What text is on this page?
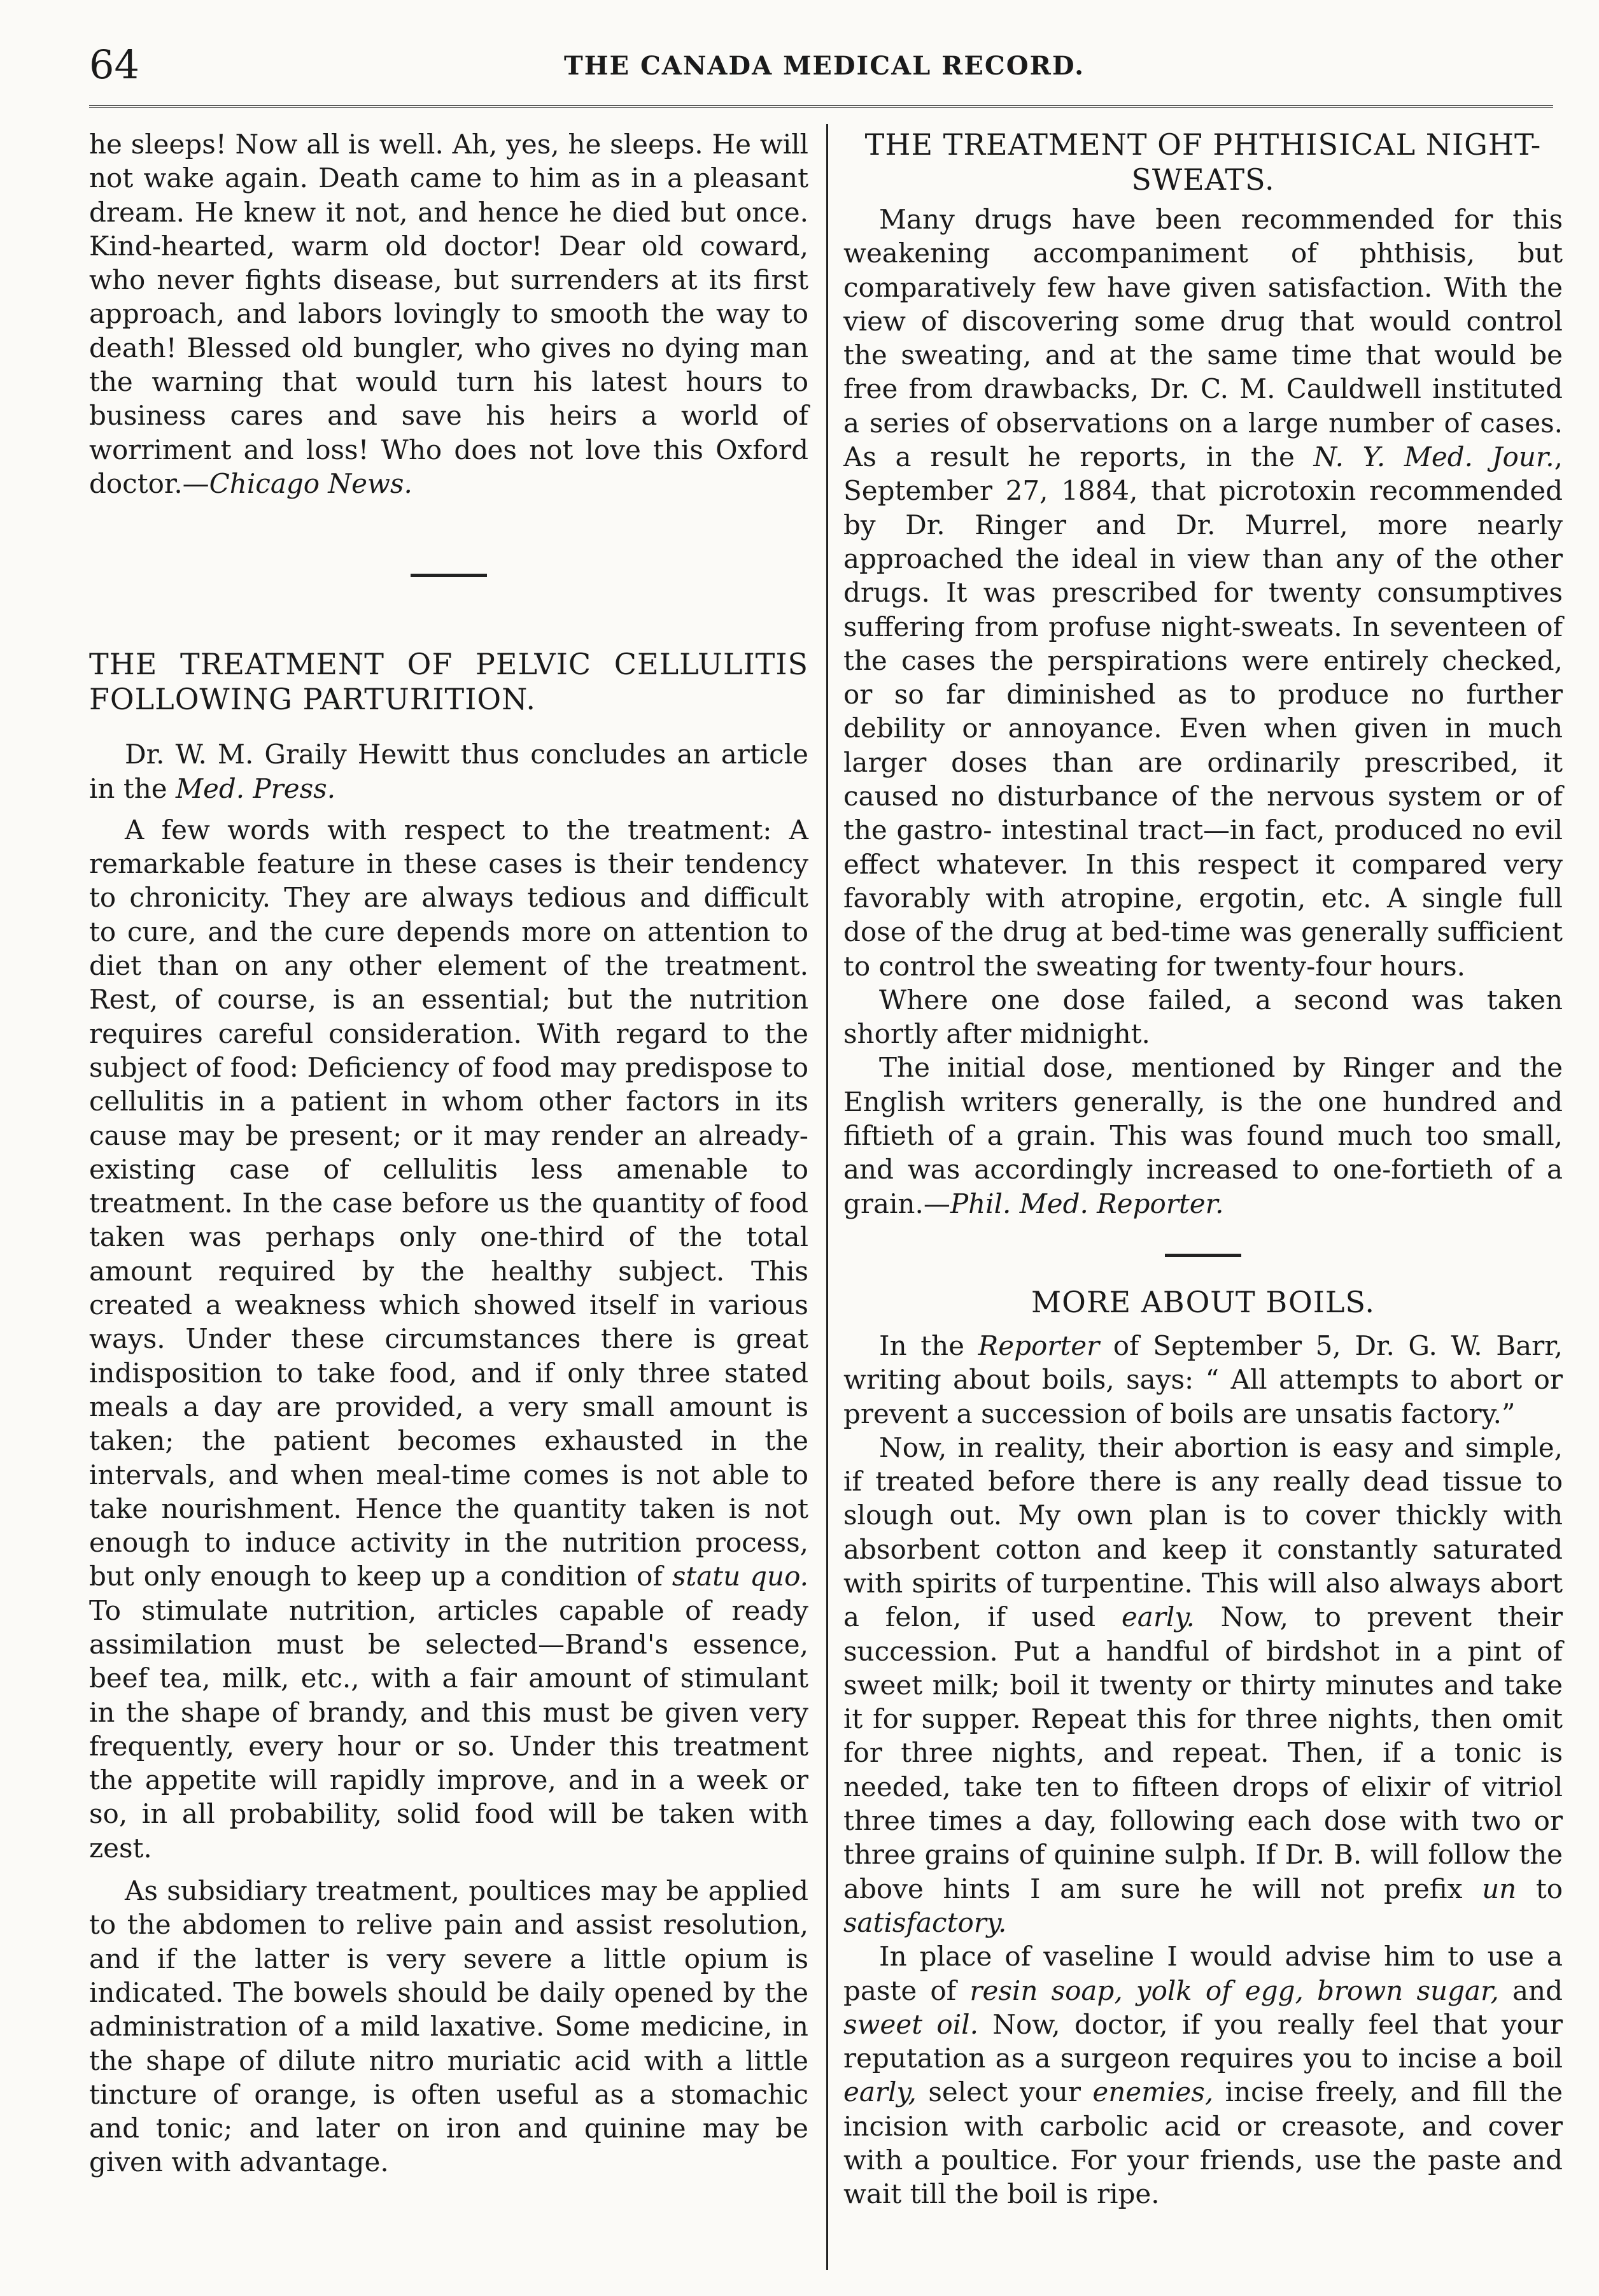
64	THE CANADA MEDICAL RECORD.

he sleeps! Now all is well. Ah, yes, he sleeps. He will not wake again. Death came to him as in a pleasant dream. He knew it not, and hence he died but once. Kind-hearted, warm old doctor! Dear old coward, who never fights disease, but surrenders at its first approach, and labors lovingly to smooth the way to death! Blessed old bungler, who gives no dying man the warning that would turn his latest hours to business cares and save his heirs a world of worriment and loss! Who does not love this Oxford doctor.—Chicago News.

THE TREATMENT OF PELVIC CELLULITIS FOLLOWING PARTURITION.

Dr. W. M. Graily Hewitt thus concludes an article in the Med. Press.

A few words with respect to the treatment: A remarkable feature in these cases is their tendency to chronicity. They are always tedious and difficult to cure, and the cure depends more on attention to diet than on any other element of the treatment. Rest, of course, is an essential; but the nutrition requires careful consideration. With regard to the subject of food: Deficiency of food may predispose to cellulitis in a patient in whom other factors in its cause may be present; or it may render an already-existing case of cellulitis less amenable to treatment. In the case before us the quantity of food taken was perhaps only one-third of the total amount required by the healthy subject. This created a weakness which showed itself in various ways. Under these circumstances there is great indisposition to take food, and if only three stated meals a day are provided, a very small amount is taken; the patient becomes exhausted in the intervals, and when meal-time comes is not able to take nourishment. Hence the quantity taken is not enough to induce activity in the nutrition process, but only enough to keep up a condition of statu quo. To stimulate nutrition, articles capable of ready assimilation must be selected—Brand's essence, beef tea, milk, etc., with a fair amount of stimulant in the shape of brandy, and this must be given very frequently, every hour or so. Under this treatment the appetite will rapidly improve, and in a week or so, in all probability, solid food will be taken with zest.

As subsidiary treatment, poultices may be applied to the abdomen to relive pain and assist resolution, and if the latter is very severe a little opium is indicated. The bowels should be daily opened by the administration of a mild laxative. Some medicine, in the shape of dilute nitro muriatic acid with a little tincture of orange, is often useful as a stomachic and tonic; and later on iron and quinine may be given with advantage.

THE TREATMENT OF PHTHISICAL NIGHT-SWEATS.

Many drugs have been recommended for this weakening accompaniment of phthisis, but comparatively few have given satisfaction. With the view of discovering some drug that would control the sweating, and at the same time that would be free from drawbacks, Dr. C. M. Cauldwell instituted a series of observations on a large number of cases. As a result he reports, in the N. Y. Med. Jour., September 27, 1884, that picrotoxin recommended by Dr. Ringer and Dr. Murrel, more nearly approached the ideal in view than any of the other drugs. It was prescribed for twenty consumptives suffering from profuse night-sweats. In seventeen of the cases the perspirations were entirely checked, or so far diminished as to produce no further debility or annoyance. Even when given in much larger doses than are ordinarily prescribed, it caused no disturbance of the nervous system or of the gastro- intestinal tract—in fact, produced no evil effect whatever. In this respect it compared very favorably with atropine, ergotin, etc. A single full dose of the drug at bed-time was generally sufficient to control the sweating for twenty-four hours.

Where one dose failed, a second was taken shortly after midnight.

The initial dose, mentioned by Ringer and the English writers generally, is the one hundred and fiftieth of a grain. This was found much too small, and was accordingly increased to one-fortieth of a grain.—Phil. Med. Reporter.

MORE ABOUT BOILS.

In the Reporter of September 5, Dr. G. W. Barr, writing about boils, says: “ All attempts to abort or prevent a succession of boils are unsatis factory.”

Now, in reality, their abortion is easy and simple, if treated before there is any really dead tissue to slough out. My own plan is to cover thickly with absorbent cotton and keep it constantly saturated with spirits of turpentine. This will also always abort a felon, if used early. Now, to prevent their succession. Put a handful of birdshot in a pint of sweet milk; boil it twenty or thirty minutes and take it for supper. Repeat this for three nights, then omit for three nights, and repeat. Then, if a tonic is needed, take ten to fifteen drops of elixir of vitriol three times a day, following each dose with two or three grains of quinine sulph. If Dr. B. will follow the above hints I am sure he will not prefix un to satisfactory.

In place of vaseline I would advise him to use a paste of resin soap, yolk of egg, brown sugar, and sweet oil. Now, doctor, if you really feel that your reputation as a surgeon requires you to incise a boil early, select your enemies, incise freely, and fill the incision with carbolic acid or creasote, and cover with a poultice. For your friends, use the paste and wait till the boil is ripe.
